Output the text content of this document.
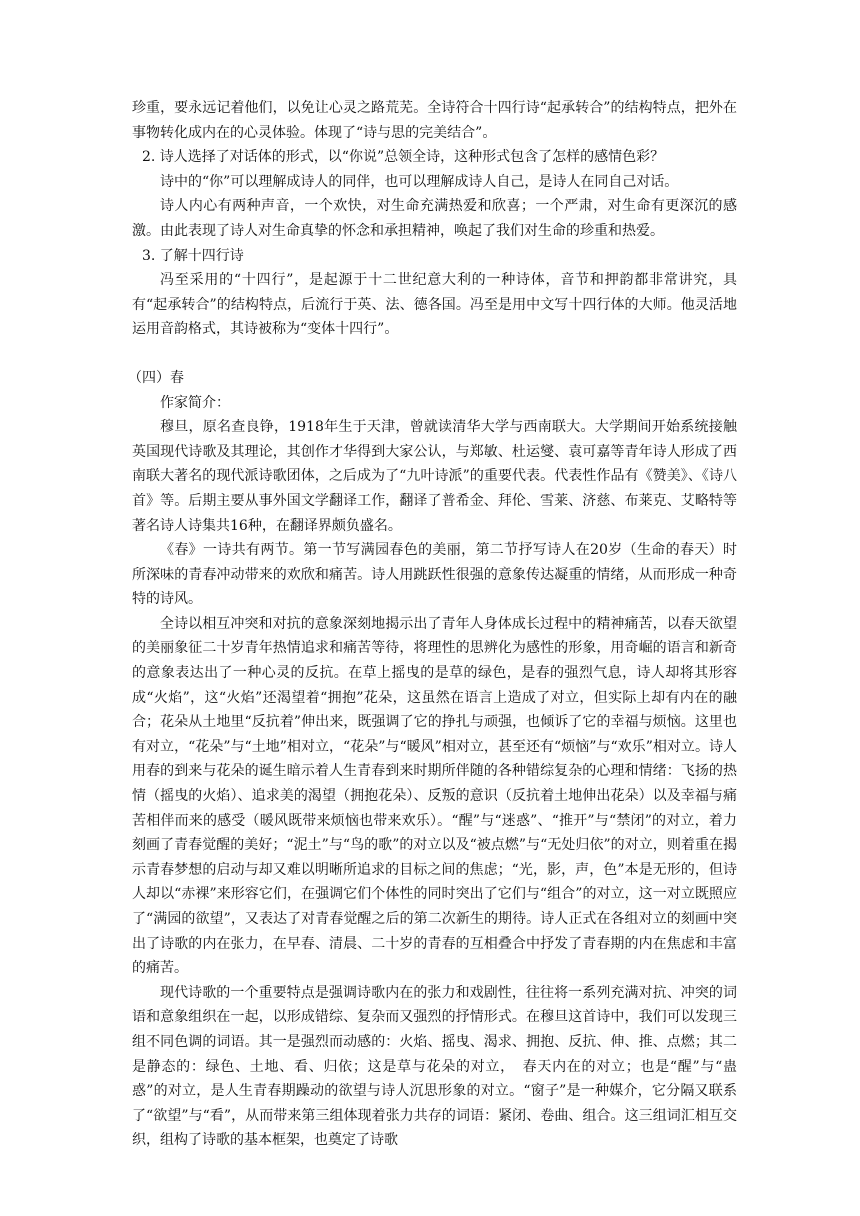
珍重，要永远记着他们，以免让心灵之路荒芜。全诗符合十四行诗“起承转合”的结构特点，把外在事物转化成内在的心灵体验。体现了“诗与思的完美结合”。

2. 诗人选择了对话体的形式，以“你说”总领全诗，这种形式包含了怎样的感情色彩？

诗中的“你”可以理解成诗人的同伴，也可以理解成诗人自己，是诗人在同自己对话。

诗人内心有两种声音，一个欢快，对生命充满热爱和欣喜；一个严肃，对生命有更深沉的感激。由此表现了诗人对生命真挚的怀念和承担精神，唤起了我们对生命的珍重和热爱。

3. 了解十四行诗

冯至采用的“十四行”，是起源于十二世纪意大利的一种诗体，音节和押韵都非常讲究，具有“起承转合”的结构特点，后流行于英、法、德各国。冯至是用中文写十四行体的大师。他灵活地运用音韵格式，其诗被称为“变体十四行”。

（四）春

作家简介：

穆旦，原名查良铮，1918年生于天津，曾就读清华大学与西南联大。大学期间开始系统接触英国现代诗歌及其理论，其创作才华得到大家公认，与郑敏、杜运燮、袁可嘉等青年诗人形成了西南联大著名的现代派诗歌团体，之后成为了“九叶诗派”的重要代表。代表性作品有《赞美》、《诗八首》等。后期主要从事外国文学翻译工作，翻译了普希金、拜伦、雪莱、济慈、布莱克、艾略特等著名诗人诗集共16种，在翻译界颇负盛名。

《春》一诗共有两节。第一节写满园春色的美丽，第二节抒写诗人在20岁（生命的春天）时所深味的青春冲动带来的欢欣和痛苦。诗人用跳跃性很强的意象传达凝重的情绪，从而形成一种奇特的诗风。

全诗以相互冲突和对抗的意象深刻地揭示出了青年人身体成长过程中的精神痛苦，以春天欲望的美丽象征二十岁青年热情追求和痛苦等待，将理性的思辨化为感性的形象，用奇崛的语言和新奇的意象表达出了一种心灵的反抗。在草上摇曳的是草的绿色，是春的强烈气息，诗人却将其形容成“火焰”，这“火焰”还渴望着“拥抱”花朵，这虽然在语言上造成了对立，但实际上却有内在的融合；花朵从土地里“反抗着”伸出来，既强调了它的挣扎与顽强，也倾诉了它的幸福与烦恼。这里也有对立，“花朵”与“土地”相对立，“花朵”与“暖风”相对立，甚至还有“烦恼”与“欢乐”相对立。诗人用春的到来与花朵的诞生暗示着人生青春到来时期所伴随的各种错综复杂的心理和情绪：飞扬的热情（摇曳的火焰）、追求美的渴望（拥抱花朵）、反叛的意识（反抗着土地伸出花朵）以及幸福与痛苦相伴而来的感受（暖风既带来烦恼也带来欢乐）。“醒”与“迷惑”、“推开”与“禁闭”的对立，着力刻画了青春觉醒的美好；“泥土”与“鸟的歌”的对立以及“被点燃”与“无处归依”的对立，则着重在揭示青春梦想的启动与却又难以明晰所追求的目标之间的焦虑；“光，影，声，色”本是无形的，但诗人却以“赤裸”来形容它们，在强调它们个体性的同时突出了它们与“组合”的对立，这一对立既照应了“满园的欲望”，又表达了对青春觉醒之后的第二次新生的期待。诗人正式在各组对立的刻画中突出了诗歌的内在张力，在早春、清晨、二十岁的青春的互相叠合中抒发了青春期的内在焦虑和丰富的痛苦。

现代诗歌的一个重要特点是强调诗歌内在的张力和戏剧性，往往将一系列充满对抗、冲突的词语和意象组织在一起，以形成错综、复杂而又强烈的抒情形式。在穆旦这首诗中，我们可以发现三组不同色调的词语。其一是强烈而动感的：火焰、摇曳、渴求、拥抱、反抗、伸、推、点燃；其二是静态的：绿色、土地、看、归依；这是草与花朵的对立，　春天内在的对立；也是“醒”与“蛊惑”的对立，是人生青春期躁动的欲望与诗人沉思形象的对立。“窗子”是一种媒介，它分隔又联系了“欲望”与“看”，从而带来第三组体现着张力共存的词语：紧闭、卷曲、组合。这三组词汇相互交织，组构了诗歌的基本框架，也奠定了诗歌
